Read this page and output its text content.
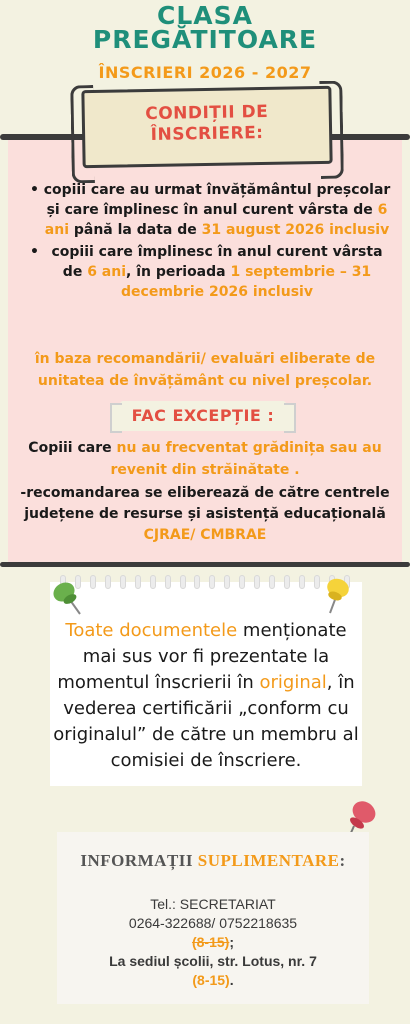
CLASA
PREGĂTITOARE
ÎNSCRIERI 2026 - 2027
CONDIȚII DE
ÎNSCRIERE:
• copiii care au urmat învățământul preșcolar și care împlinesc în anul curent vârsta de 6 ani până la data de 31 august 2026 inclusiv
• copiii care împlinesc în anul curent vârsta de 6 ani, în perioada 1 septembrie – 31 decembrie 2026 inclusiv
în baza recomandării/ evaluări eliberate de unitatea de învățământ cu nivel preșcolar.
FAC EXCEPȚIE :
Copiii care nu au frecventat grădinița sau au revenit din străinătate .
-recomandarea se eliberează de către centrele județene de resurse și asistență educațională CJRAE/ CMBRAE
Toate documentele menționate mai sus vor fi prezentate la momentul înscrierii în original, în vederea certificării „conform cu originalul” de către un membru al comisiei de înscriere.
INFORMAȚII SUPLIMENTARE:
Tel.: SECRETARIAT
0264-322688/ 0752218635
(8-15);
La sediul școlii, str. Lotus, nr. 7
(8-15).
